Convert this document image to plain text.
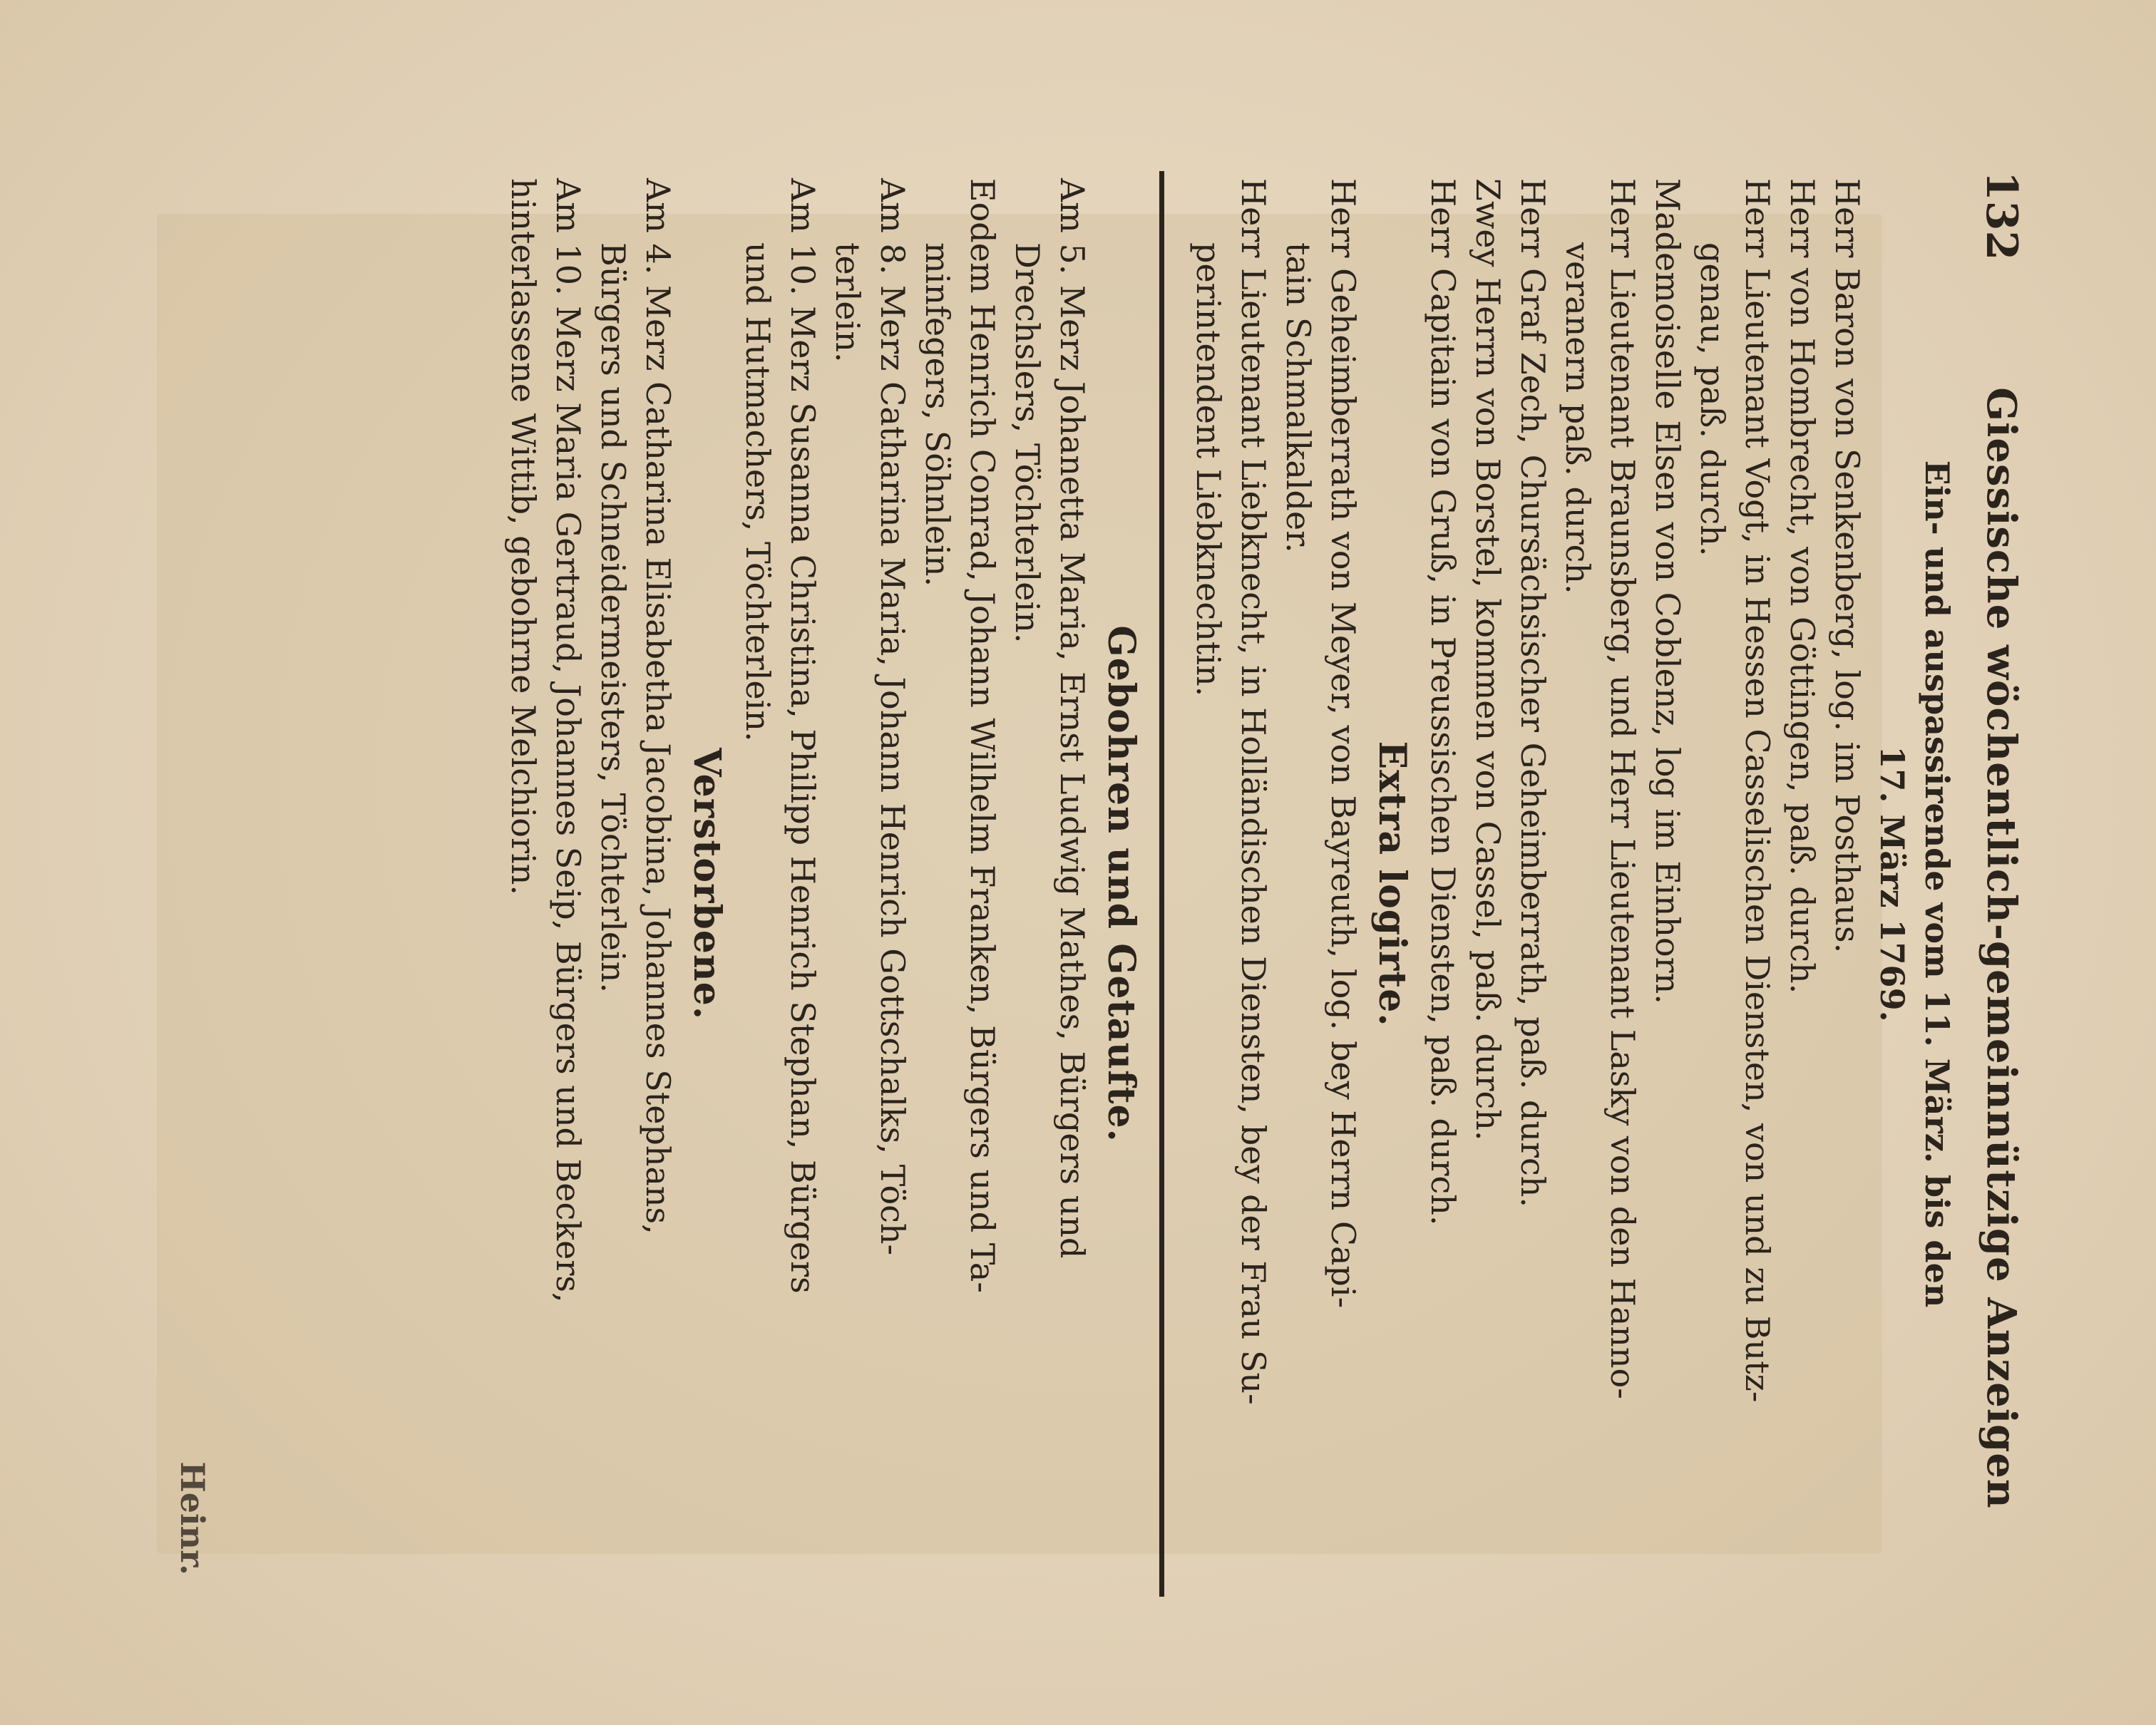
132
Giessische wöchentlich-gemeinnützige Anzeigen
Ein- und auspassirende vom 11. März. bis den
17. März 1769.
Herr Baron von Senkenberg, log. im Posthaus.
Herr von Hombrecht, von Göttingen, paß. durch.
Herr Lieutenant Vogt, in Hessen Casselischen Diensten, von und zu Butz-
genau, paß. durch.
Mademoiselle Elsen von Coblenz, log im Einhorn.
Herr Lieutenant Braunsberg, und Herr Lieutenant Lasky von den Hanno-
veranern paß. durch.
Herr Graf Zech, Chursächsischer Geheimberrath, paß. durch.
Zwey Herrn von Borstel, kommen von Cassel, paß. durch.
Herr Capitain von Gruß, in Preussischen Diensten, paß. durch.
Extra logirte.
Herr Geheimberrath von Meyer, von Bayreuth, log. bey Herrn Capi-
tain Schmalkalder.
Herr Lieutenant Liebknecht, in Holländischen Diensten, bey der Frau Su-
perintendent Liebknechtin.
Gebohren und Getaufte.
Am 5. Merz Johanetta Maria, Ernst Ludwig Mathes, Bürgers und
Drechslers, Töchterlein.
Eodem Henrich Conrad, Johann Wilhelm Franken, Bürgers und Ta-
minfegers, Söhnlein.
Am 8. Merz Catharina Maria, Johann Henrich Gottschalks, Töch-
terlein.
Am 10. Merz Susanna Christina, Philipp Henrich Stephan, Bürgers
und Hutmachers, Töchterlein.
Verstorbene.
Am 4. Merz Catharina Elisabetha Jacobina, Johannes Stephans,
Bürgers und Schneidermeisters, Töchterlein.
Am 10. Merz Maria Gertraud, Johannes Seip, Bürgers und Beckers,
hinterlassene Wittib, gebohrne Melchiorin.
Heinr.
